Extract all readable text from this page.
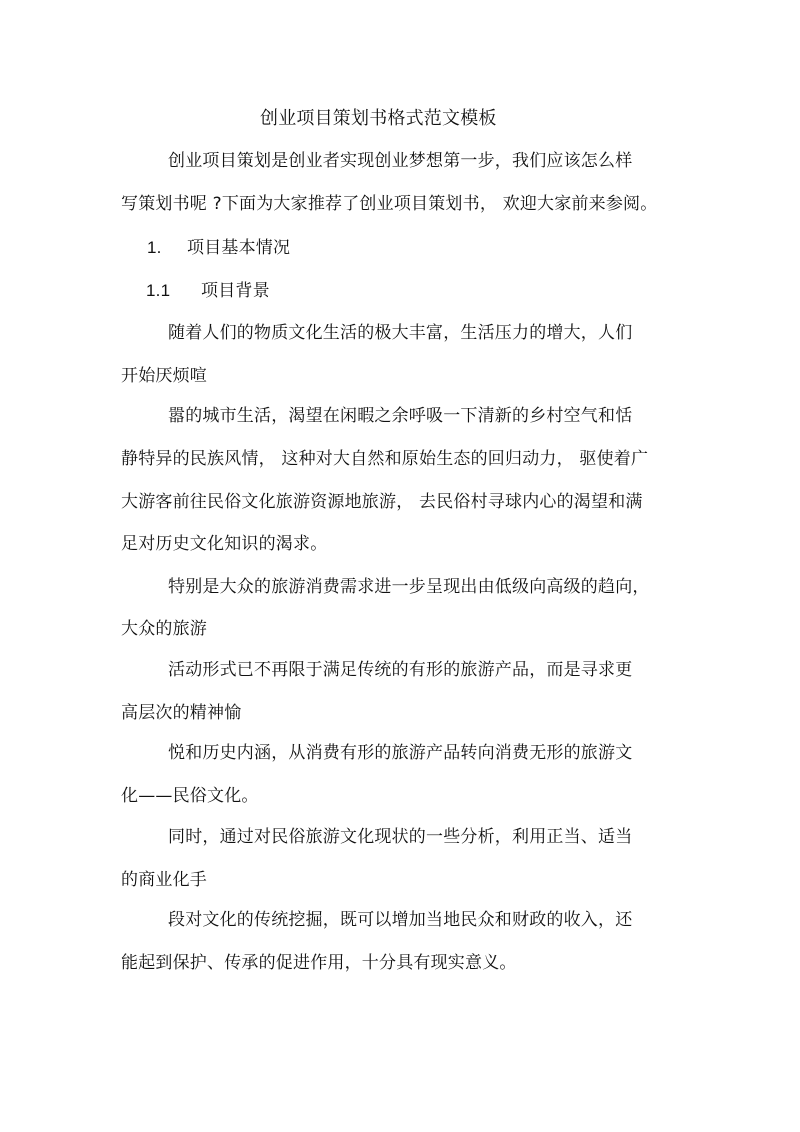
创业项目策划书格式范文模板
创业项目策划是创业者实现创业梦想第一步，我们应该怎么样
写策划书呢 ?下面为大家推荐了创业项目策划书， 欢迎大家前来参阅。
1. 项目基本情况
1.1 项目背景
随着人们的物质文化生活的极大丰富，生活压力的增大，人们
开始厌烦喧
嚣的城市生活，渴望在闲暇之余呼吸一下清新的乡村空气和恬
静特异的民族风情， 这种对大自然和原始生态的回归动力， 驱使着广
大游客前往民俗文化旅游资源地旅游， 去民俗村寻球内心的渴望和满
足对历史文化知识的渴求。
特别是大众的旅游消费需求进一步呈现出由低级向高级的趋向，
大众的旅游
活动形式已不再限于满足传统的有形的旅游产品，而是寻求更
高层次的精神愉
悦和历史内涵，从消费有形的旅游产品转向消费无形的旅游文
化——民俗文化。
同时，通过对民俗旅游文化现状的一些分析，利用正当、适当
的商业化手
段对文化的传统挖掘，既可以增加当地民众和财政的收入，还
能起到保护、传承的促进作用，十分具有现实意义。
